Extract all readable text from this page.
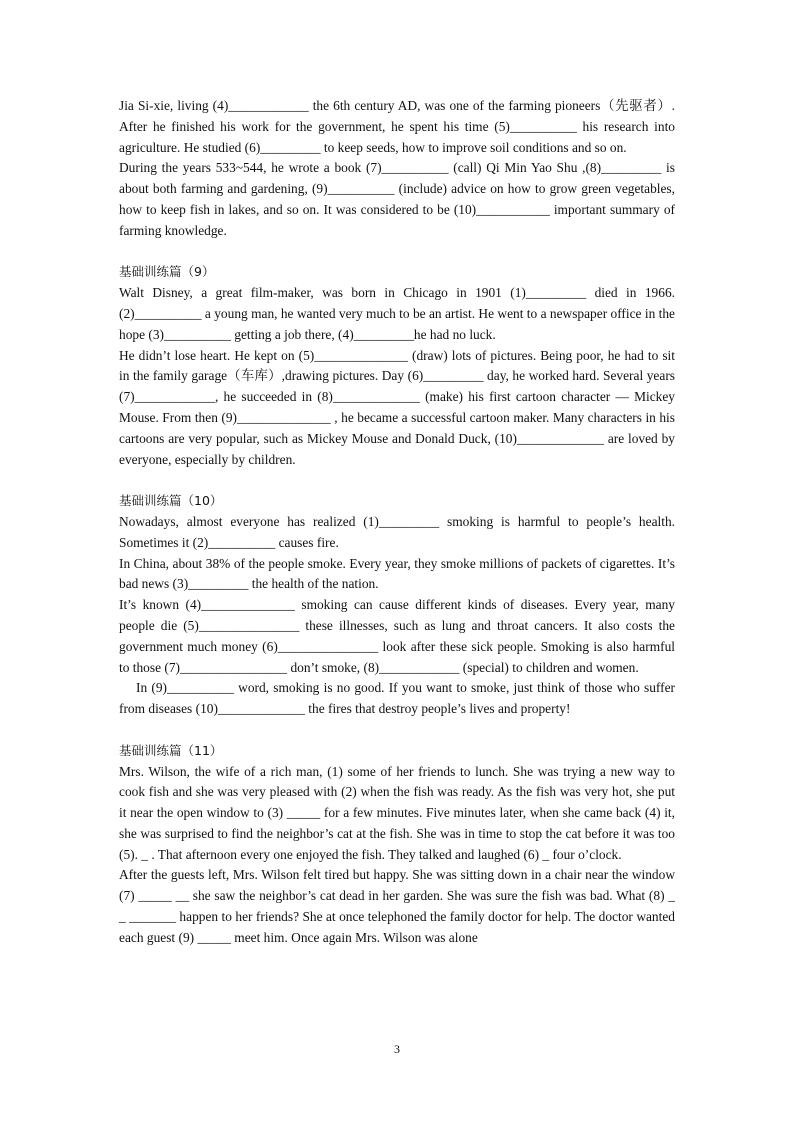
Jia Si-xie, living (4)____________ the 6th century AD, was one of the farming pioneers（先驱者）. After he finished his work for the government, he spent his time (5)__________ his research into agriculture. He studied (6)_________ to keep seeds, how to improve soil conditions and so on.

During the years 533~544, he wrote a book (7)__________ (call) Qi Min Yao Shu ,(8)_________ is about both farming and gardening, (9)__________ (include) advice on how to grow green vegetables, how to keep fish in lakes, and so on. It was considered to be (10)___________ important summary of farming knowledge.

基础训练篇（9）

Walt Disney, a great film-maker, was born in Chicago in 1901 (1)_________ died in 1966. (2)__________ a young man, he wanted very much to be an artist. He went to a newspaper office in the hope (3)__________ getting a job there, (4)_________he had no luck.

He didn’t lose heart. He kept on (5)______________ (draw) lots of pictures. Being poor, he had to sit in the family garage（车库）,drawing pictures. Day (6)_________ day, he worked hard. Several years (7)____________, he succeeded in (8)_____________ (make) his first cartoon character — Mickey Mouse. From then (9)______________ , he became a successful cartoon maker. Many characters in his cartoons are very popular, such as Mickey Mouse and Donald Duck, (10)_____________ are loved by everyone, especially by children.

基础训练篇（10）

Nowadays, almost everyone has realized (1)_________ smoking is harmful to people’s health. Sometimes it (2)__________ causes fire.

In China, about 38% of the people smoke. Every year, they smoke millions of packets of cigarettes. It’s bad news (3)_________ the health of the nation.

It’s known (4)______________ smoking can cause different kinds of diseases. Every year, many people die (5)_______________ these illnesses, such as lung and throat cancers. It also costs the government much money (6)_______________ look after these sick people. Smoking is also harmful to those (7)________________ don’t smoke, (8)____________ (special) to children and women.

In (9)__________ word, smoking is no good. If you want to smoke, just think of those who suffer from diseases (10)_____________ the fires that destroy people’s lives and property!

基础训练篇（11）

Mrs. Wilson, the wife of a rich man, (1) some of her friends to lunch. She was trying a new way to cook fish and she was very pleased with (2) when the fish was ready. As the fish was very hot, she put it near the open window to (3) _____ for a few minutes. Five minutes later, when she came back (4) it, she was surprised to find the neighbor’s cat at the fish. She was in time to stop the cat before it was too (5). _ . That afternoon every one enjoyed the fish. They talked and laughed (6) _ four o’clock.

After the guests left, Mrs. Wilson felt tired but happy. She was sitting down in a chair near the window (7) _____ __ she saw the neighbor’s cat dead in her garden. She was sure the fish was bad. What (8) _ _ _______ happen to her friends? She at once telephoned the family doctor for help. The doctor wanted each guest (9) _____ meet him. Once again Mrs. Wilson was alone

3
